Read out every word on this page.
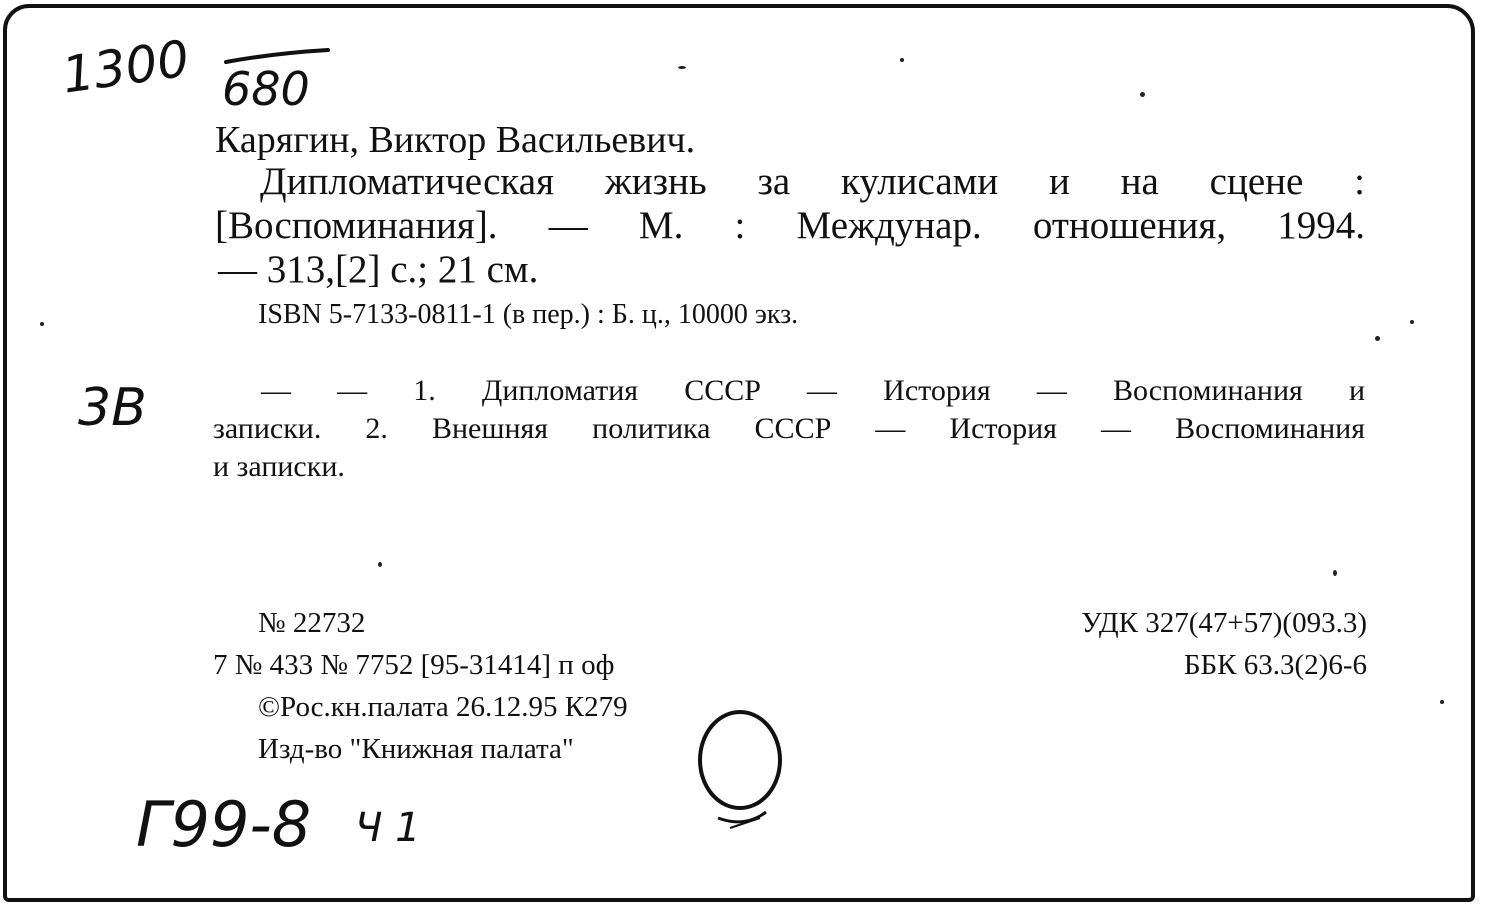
1300 680
3B
Г99-8 Ч 1
Карягин, Виктор Васильевич.

Дипломатическая жизнь за кулисами и на сцене :

[Воспоминания]. — М. : Междунар. отношения, 1994.

— 313,[2] с.; 21 см.

ISBN 5-7133-0811-1 (в пер.) : Б. ц., 10000 экз.

— — 1. Дипломатия СССР — История — Воспоминания и

записки. 2. Внешняя политика СССР — История — Воспоминания

и записки.

№ 22732
7 № 433 № 7752 [95-31414] п оф
©Рос.кн.палата 26.12.95 К279
Изд-во "Книжная палата"
УДК 327(47+57)(093.3)
ББК 63.3(2)6-6
